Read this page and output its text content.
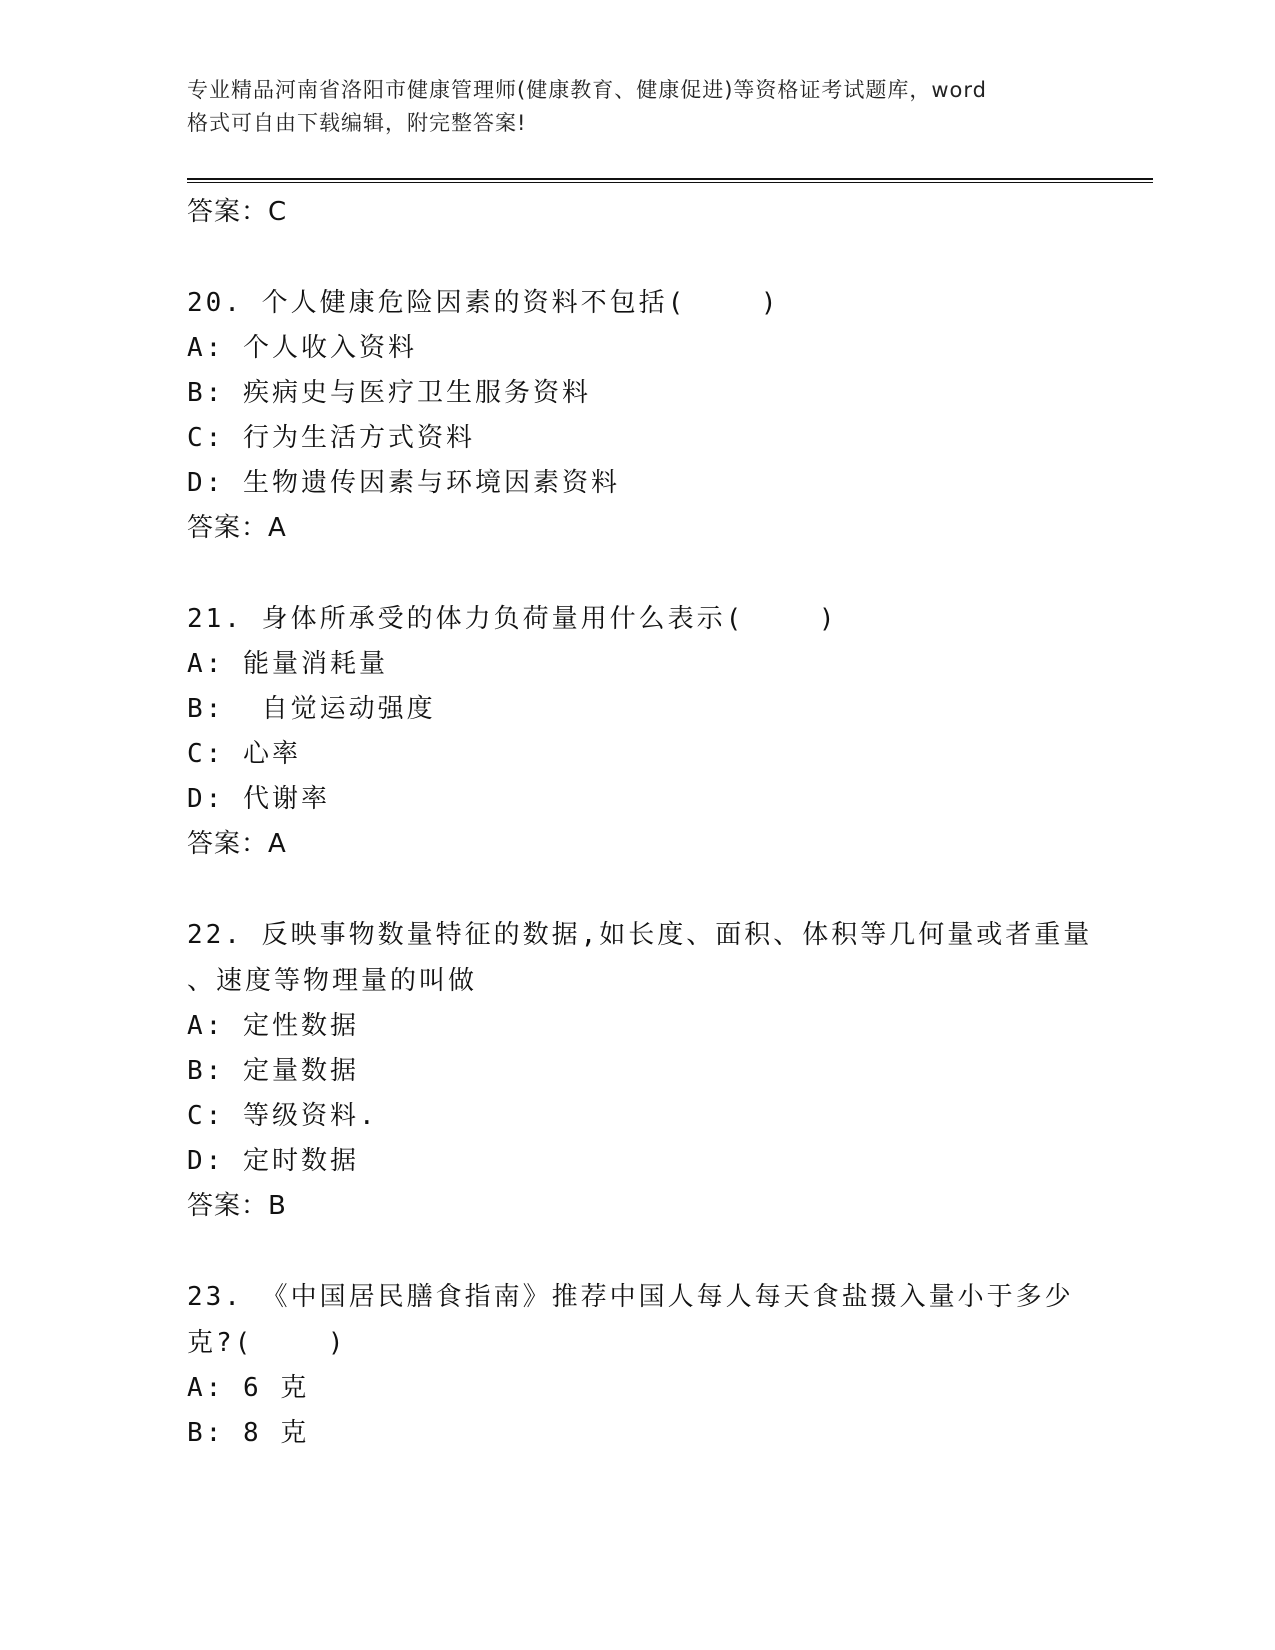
专业精品河南省洛阳市健康管理师(健康教育、健康促进)等资格证考试题库，word
格式可自由下载编辑，附完整答案!
答案：C
20. 个人健康危险因素的资料不包括(    )
A: 个人收入资料
B: 疾病史与医疗卫生服务资料
C: 行为生活方式资料
D: 生物遗传因素与环境因素资料
答案：A
21. 身体所承受的体力负荷量用什么表示(    )
A: 能量消耗量
B:  自觉运动强度
C: 心率
D: 代谢率
答案：A
22. 反映事物数量特征的数据,如长度、面积、体积等几何量或者重量
、速度等物理量的叫做
A: 定性数据
B: 定量数据
C: 等级资料.
D: 定时数据
答案：B
23. 《中国居民膳食指南》推荐中国人每人每天食盐摄入量小于多少
克?(    )
A: 6 克
B: 8 克
